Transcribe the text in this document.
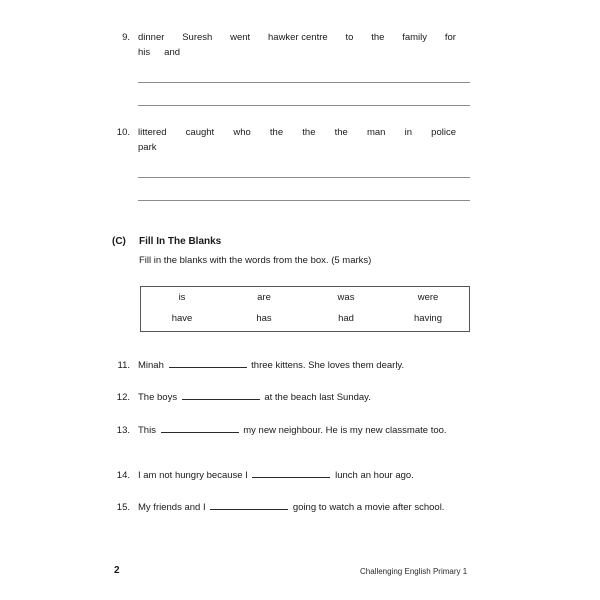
9. dinner Suresh went hawker centre to the family for
his and
10. littered caught who the the the man in police
park
(C)	Fill In The Blanks
Fill in the blanks with the words from the box. (5 marks)
is	are	was	were
have	has	had	having
11. Minah	three kittens. She loves them dearly.
12. The boys	at the beach last Sunday.
13. This	my new neighbour. He is my new classmate too.
14. I am not hungry because I	lunch an hour ago.
15. My friends and I	going to watch a movie after school.
2	Challenging English Primary 1
